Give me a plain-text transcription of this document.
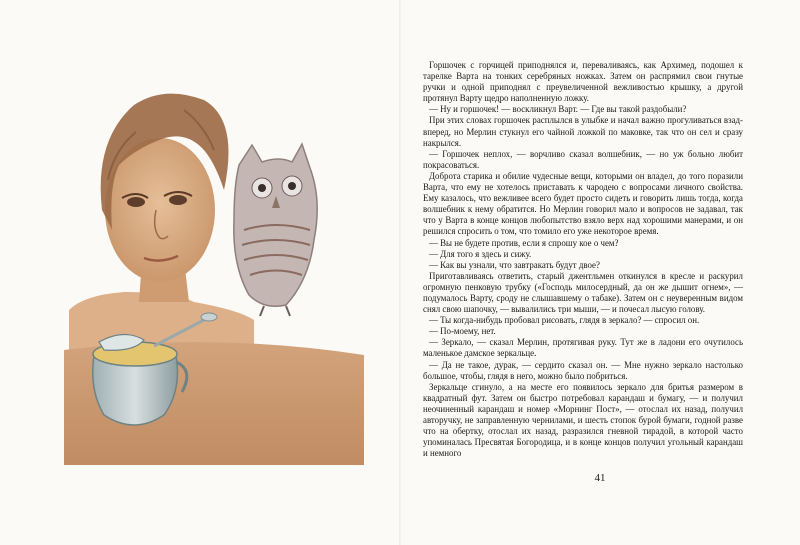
Горшочек с горчицей приподнялся и, переваливаясь, как Архимед, подошел к тарелке Варта на тонких серебряных ножках. Затем он распрямил свои гнутые ручки и одной приподнял с преувеличенной вежливостью крышку, а другой протянул Варту щедро наполненную ложку.

— Ну и горшочек! — воскликнул Варт. — Где вы такой раздобыли?

При этих словах горшочек расплылся в улыбке и начал важно прогуливаться взад-вперед, но Мерлин стукнул его чайной ложкой по маковке, так что он сел и сразу накрылся.

— Горшочек неплох, — ворчливо сказал волшебник, — но уж больно любит покрасоваться.

Доброта старика и обилие чудесные вещи, которыми он владел, до того поразили Варта, что ему не хотелось приставать к чародею с вопросами личного свойства. Ему казалось, что вежливее всего будет просто сидеть и говорить лишь тогда, когда волшебник к нему обратится. Но Мерлин говорил мало и вопросов не задавал, так что у Варта в конце концов любопытство взяло верх над хорошими манерами, и он решился спросить о том, что томило его уже некоторое время.

— Вы не будете против, если я спрошу кое о чем?

— Для того я здесь и сижу.

— Как вы узнали, что завтракать будут двое?

Приготавливаясь ответить, старый джентльмен откинулся в кресле и раскурил огромную пенковую трубку («Господь милосердный, да он же дышит огнем», — подумалось Варту, сроду не слышавшему о табаке). Затем он с неуверенным видом снял свою шапочку, — вывалились три мыши, — и почесал лысую голову.

— Ты когда-нибудь пробовал рисовать, глядя в зеркало? — спросил он.

— По-моему, нет.

— Зеркало, — сказал Мерлин, протягивая руку. Тут же в ладони его очутилось маленькое дамское зеркальце.

— Да не такое, дурак, — сердито сказал он. — Мне нужно зеркало настолько большое, чтобы, глядя в него, можно было побриться.

Зеркальце сгинуло, а на месте его появилось зеркало для бритья размером в квадратный фут. Затем он быстро потребовал карандаш и бумагу, — и получил неочиненный карандаш и номер «Морнинг Пост», — отослал их назад, получил авторучку, не заправленную чернилами, и шесть стопок бурой бумаги, годной разве что на обертку, отослал их назад, разразился гневной тирадой, в которой часто упоминалась Пресвятая Богородица, и в конце концов получил угольный карандаш и немного

41
